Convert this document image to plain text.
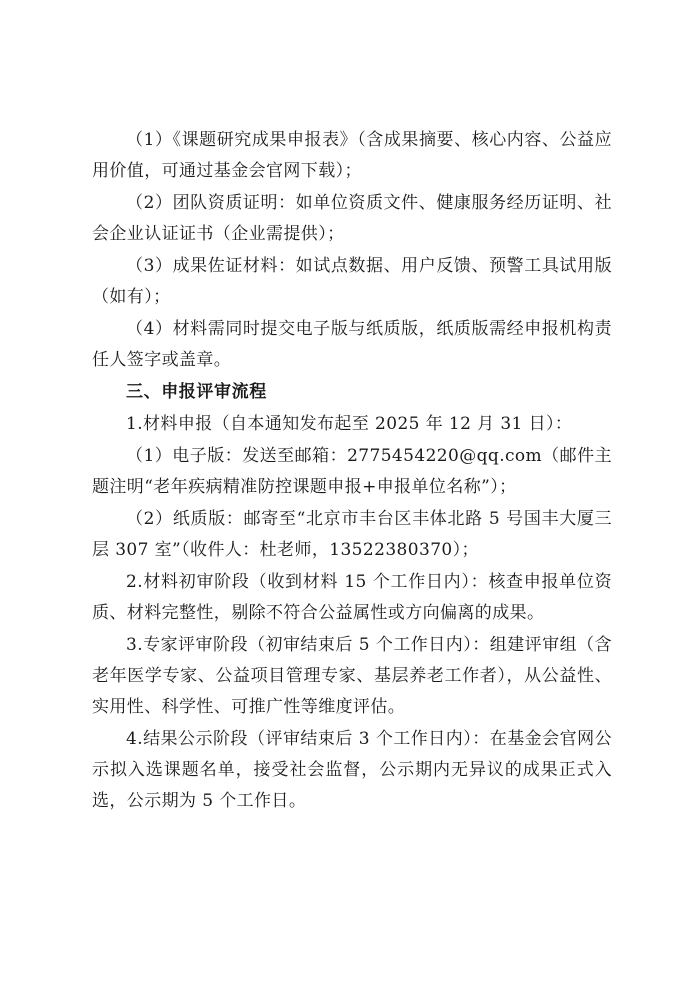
（1）《课题研究成果申报表》（含成果摘要、核心内容、公益应用价值，可通过基金会官网下载）；

（2）团队资质证明：如单位资质文件、健康服务经历证明、社会企业认证证书（企业需提供）；

（3）成果佐证材料：如试点数据、用户反馈、预警工具试用版（如有）；

（4）材料需同时提交电子版与纸质版，纸质版需经申报机构责任人签字或盖章。

三、申报评审流程

1.材料申报（自本通知发布起至 2025 年 12 月 31 日）：

（1）电子版：发送至邮箱：2775454220@qq.com（邮件主题注明“老年疾病精准防控课题申报+申报单位名称”）；

（2）纸质版：邮寄至“北京市丰台区丰体北路 5 号国丰大厦三层 307 室”（收件人：杜老师，13522380370）；

2.材料初审阶段（收到材料 15 个工作日内）：核查申报单位资质、材料完整性，剔除不符合公益属性或方向偏离的成果。

3.专家评审阶段（初审结束后 5 个工作日内）：组建评审组（含老年医学专家、公益项目管理专家、基层养老工作者），从公益性、实用性、科学性、可推广性等维度评估。

4.结果公示阶段（评审结束后 3 个工作日内）：在基金会官网公示拟入选课题名单，接受社会监督，公示期内无异议的成果正式入选，公示期为 5 个工作日。
